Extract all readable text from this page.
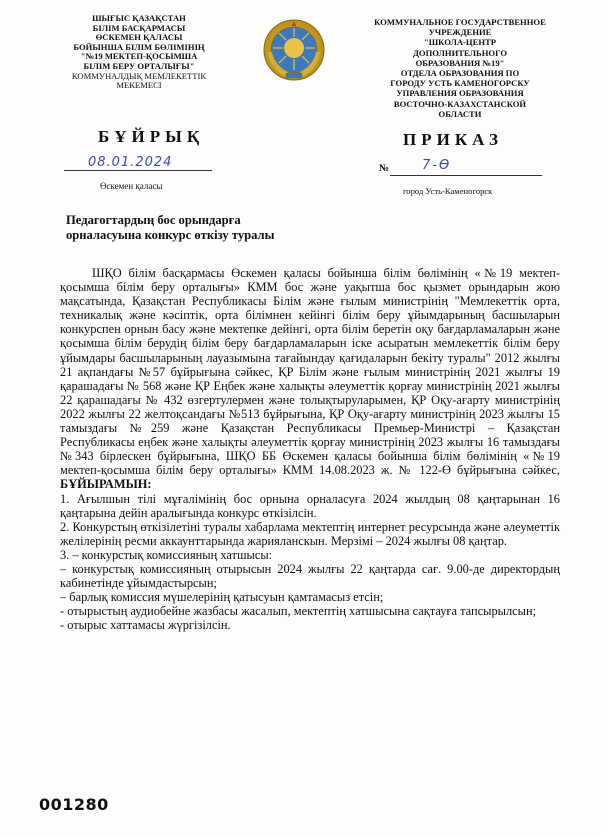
ШЫҒЫС ҚАЗАҚСТАН
БІЛІМ БАСҚАРМАСЫ
ӨСКЕМЕН ҚАЛАСЫ
БОЙЫНША БІЛІМ БӨЛІМІНІҢ
"№19 МЕКТЕП-ҚОСЫМША
БІЛІМ БЕРУ ОРТАЛЫҒЫ"
КОММУНАЛДЫҚ МЕМЛЕКЕТТІК
МЕКЕМЕСІ
КОММУНАЛЬНОЕ ГОСУДАРСТВЕННОЕ
УЧРЕЖДЕНИЕ
"ШКОЛА-ЦЕНТР
ДОПОЛНИТЕЛЬНОГО
ОБРАЗОВАНИЯ №19"
ОТДЕЛА ОБРАЗОВАНИЯ ПО
ГОРОДУ УСТЬ КАМЕНОГОРСКУ
УПРАВЛЕНИЯ ОБРАЗОВАНИЯ
ВОСТОЧНО-КАЗАХСТАНСКОЙ
ОБЛАСТИ
БҰЙРЫҚ	ПРИКАЗ
08.01.2024
Өскемен қаласы
№	7-Ө
город Усть-Каменогорск
Педагогтардың бос орындарға
орналасуына конкурс өткізу туралы

ШҚО білім басқармасы Өскемен қаласы бойынша білім бөлімінің «№19 мектеп-қосымша білім беру орталығы» КММ бос және уақытша бос қызмет орындарын жою мақсатында, Қазақстан Республикасы Білім және ғылым министрінің "Мемлекеттік орта, техникалық және кәсіптік, орта білімнен кейінгі білім беру ұйымдарының басшыларын конкурспен орнын басу және мектепке дейінгі, орта білім беретін оқу бағдарламаларын және қосымша білім берудің білім беру бағдарламаларын іске асыратын мемлекеттік білім беру ұйымдары басшыларының лауазымына тағайындау қағидаларын бекіту туралы" 2012 жылғы 21 ақпандағы №57 бұйрығына сәйкес, ҚР Білім және ғылым министрінің 2021 жылғы 19 қарашадағы № 568 және ҚР Еңбек және халықты әлеуметтік қорғау министрінің 2021 жылғы 22 қарашадағы № 432 өзгертулермен және толықтыруларымен, ҚР Оқу-ағарту министрінің 2022 жылғы 22 желтоқсандағы №513 бұйрығына, ҚР Оқу-ағарту министрінің 2023 жылғы 15 тамыздағы №259 және Қазақстан Республикасы Премьер-Министрі – Қазақстан Республикасы еңбек және халықты әлеуметтік қорғау министрінің 2023 жылғы 16 тамыздағы №343 бірлескен бұйрығына, ШҚО ББ Өскемен қаласы бойынша білім бөлімінің «№19 мектеп-қосымша білім беру орталығы» КММ 14.08.2023 ж. № 122-Ө бұйрығына сәйкес, БҰЙЫРАМЫН:

1. Ағылшын тілі мұғалімінің бос орнына орналасуға 2024 жылдың 08 қаңтарынан 16 қаңтарына дейін аралығында конкурс өткізілсін.

2. Конкурстың өткізілетіні туралы хабарлама мектептің интернет ресурсында және әлеуметтік желілерінің ресми аккаунттарында жарияланскын. Мерзімі – 2024 жылғы 08 қаңтар.

3. – конкурстық комиссияның хатшысы:

– конкурстық комиссияның отырысын 2024 жылғы 22 қаңтарда сағ. 9.00-де директордың кабинетінде ұйымдастырсын;

– барлық комиссия мүшелерінің қатысуын қамтамасыз етсін;

- отырыстың аудиобейне жазбасы жасалып, мектептің хатшысына сақтауға тапсырылсын;

- отырыс хаттамасы жүргізілсін.

001280
